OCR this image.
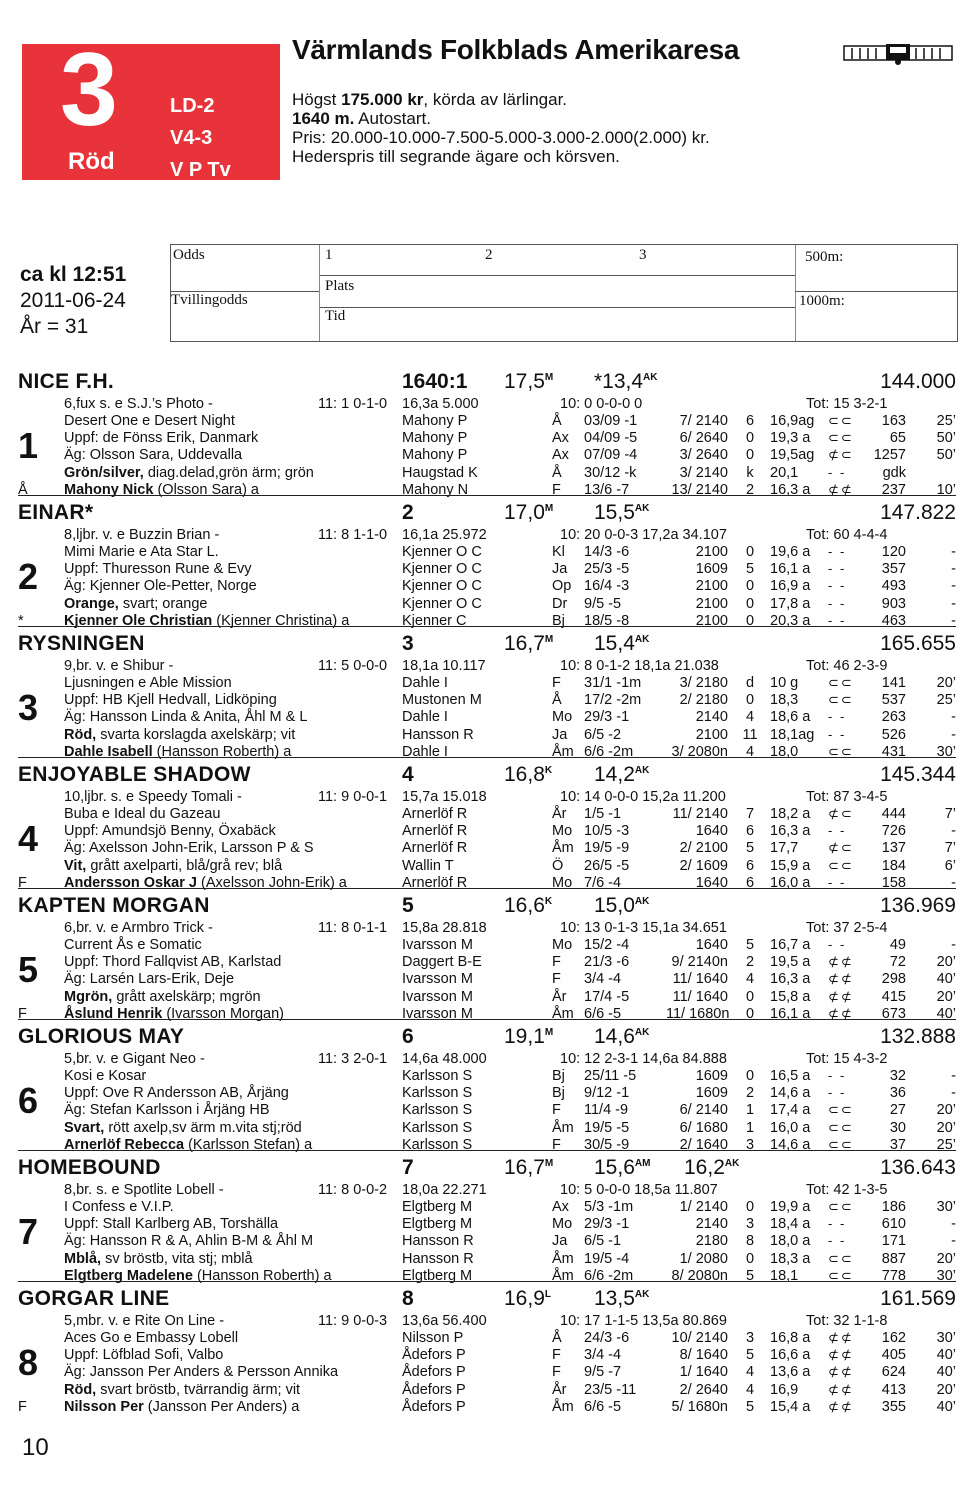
3
Röd
LD-2
V4-3
V P Tv
Värmlands Folkblads Amerikaresa
Högst 175.000 kr, körda av lärlingar.
1640 m. Autostart.
Pris: 20.000-10.000-7.500-5.000-3.000-2.000(2.000) kr.
Hederspris till segrande ägare och körsven.
ca kl 12:51
2011-06-24
År = 31
Odds
Tvillingodds
1	2	3
Plats
Tid
500m:
1000m:
NICE F.H.	1640:1 $17,5^M$ $*13,4^{AK}$	144.000
6,fux s. e S.J.’s Photo -	11: 1 0-1-0 16,3a 5.000	10: 0 0-0-0 0	Tot: 15 3-2-1
1
Å
Desert One e Desert Night	Mahony P	Å 03/09 -1	7/ 2140	6	16,9ag ⊂⊂	163	25’
Uppf: de Fönss Erik, Danmark	Mahony P	Ax 04/09 -5	6/ 2640	0	19,3 a ⊂⊂	65	50’
Äg: Olsson Sara, Uddevalla	Mahony P	Ax 07/09 -4	3/ 2640	0	19,5ag ⊄⊂	1257	50’
Grön/silver, diag.delad,grön ärm; grön	Haugstad K	Å 30/12 -k	3/ 2140	k	20,1 - -	gdk
Mahony Nick (Olsson Sara) a	Mahony N	F 13/6 -7	13/ 2140	2	16,3 a ⊄⊄	237	10’
EINAR*	2	$17,0^M$ $15,5^{AK}$	147.822
8,ljbr. v. e Buzzin Brian -	11: 8 1-1-0 16,1a 25.972	10: 20 0-0-3 17,2a 34.107	Tot: 60 4-4-4
2
*
Mimi Marie e Ata Star L.	Kjenner O C	Kl 14/3 -6	2100	0	19,6 a - -	120	-
Uppf: Thuresson Rune & Evy	Kjenner O C	Ja 25/3 -5	1609	5	16,1 a - -	357	-
Äg: Kjenner Ole-Petter, Norge	Kjenner O C	Op 16/4 -3	2100	0	16,9 a - -	493	-
Orange, svart; orange	Kjenner O C	Dr 9/5 -5	2100	0	17,8 a - -	903	-
Kjenner Ole Christian (Kjenner Christina) a	Kjenner C	Bj 18/5 -8	2100	0	20,3 a - -	463	-
RYSNINGEN	3	$16,7^M$ $15,4^{AK}$	165.655
9,br. v. e Shibur -	11: 5 0-0-0 18,1a 10.117	10: 8 0-1-2 18,1a 21.038	Tot: 46 2-3-9
3
Ljusningen e Able Mission	Dahle I	F 31/1 -1m	3/ 2180	d	10 g ⊂⊂	141	20’
Uppf: HB Kjell Hedvall, Lidköping	Mustonen M	Å 17/2 -2m	2/ 2180	0	18,3 ⊂⊂	537	25’
Äg: Hansson Linda & Anita, Åhl M & L	Dahle I	Mo 29/3 -1	2140	4	18,6 a - -	263	-
Röd, svarta korslagda axelskärp; vit	Hansson R	Ja 6/5 -2	2100 11 18,1ag - -	526	-
Dahle Isabell (Hansson Roberth) a	Dahle I	Åm 6/6 -2m	3/ 2080n	4	18,0 ⊂⊂	431	30’
ENJOYABLE SHADOW	4	$16,8^K$ $14,2^{AK}$	145.344
10,ljbr. s. e Speedy Tomali -	11: 9 0-0-1 15,7a 15.018	10: 14 0-0-0 15,2a 11.200	Tot: 87 3-4-5
4
F
Buba e Ideal du Gazeau	Arnerlöf R	År 1/5 -1	11/ 2140	7	18,2 a ⊄⊂	444	7’
Uppf: Amundsjö Benny, Öxabäck	Arnerlöf R	Mo 10/5 -3	1640	6	16,3 a - -	726	-
Äg: Axelsson John-Erik, Larsson P & S	Arnerlöf R	Åm 19/5 -9	2/ 2100	5	17,7 ⊄⊂	137	7’
Vit, grått axelparti, blå/grå rev; blå	Wallin T	Ö 26/5 -5	2/ 1609	6	15,9 a ⊂⊂	184	6’
Andersson Oskar J (Axelsson John-Erik) a	Arnerlöf R	Mo 7/6 -4	1640	6	16,0 a - -	158	-
KAPTEN MORGAN	5	$16,6^K$ $15,0^{AK}$	136.969
6,br. v. e Armbro Trick -	11: 8 0-1-1 15,8a 28.818	10: 13 0-1-3 15,1a 34.651	Tot: 37 2-5-4
5
F
Current Ås e Somatic	Ivarsson M	Mo 15/2 -4	1640	5	16,7 a - -	49	-
Uppf: Thord Fallqvist AB, Karlstad	Daggert B-E	F 21/3 -6	9/ 2140n	2	19,5 a ⊄⊄	72	20’
Äg: Larsén Lars-Erik, Deje	Ivarsson M	F 3/4 -4	11/ 1640	4	16,3 a ⊄⊄	298	40’
Mgrön, grått axelskärp; mgrön	Ivarsson M	År 17/4 -5	11/ 1640	0	15,8 a ⊄⊄	415	20’
Åslund Henrik (Ivarsson Morgan)	Ivarsson M	Åm 6/6 -5	11/ 1680n	0	16,1 a ⊄⊄	673	40’
GLORIOUS MAY	6	$19,1^M$ $14,6^{AK}$	132.888
5,br. v. e Gigant Neo -	11: 3 2-0-1 14,6a 48.000	10: 12 2-3-1 14,6a 84.888	Tot: 15 4-3-2
6
Kosi e Kosar	Karlsson S	Bj 25/11 -5	1609	0	16,5 a - -	32	-
Uppf: Ove R Andersson AB, Årjäng	Karlsson S	Bj 9/12 -1	1609	2	14,6 a - -	36	-
Äg: Stefan Karlsson i Årjäng HB	Karlsson S	F 11/4 -9	6/ 2140	1	17,4 a ⊂⊂	27	20’
Svart, rött axelp,sv ärm m.vita stj;röd	Karlsson S	Åm 19/5 -5	6/ 1680	1	16,0 a ⊂⊂	30	20’
Arnerlöf Rebecca (Karlsson Stefan) a	Karlsson S	F 30/5 -9	2/ 1640	3	14,6 a ⊂⊂	37	25’
HOMEBOUND	7	$16,7^M$ $15,6^{AM}$ $16,2^{AK}$	136.643
8,br. s. e Spotlite Lobell -	11: 8 0-0-2 18,0a 22.271	10: 5 0-0-0 18,5a 11.807	Tot: 42 1-3-5
7
I Confess e V.I.P.	Elgtberg M	Ax 5/3 -1m	1/ 2140	0	19,9 a ⊂⊂	186	30’
Uppf: Stall Karlberg AB, Torshälla	Elgtberg M	Mo 29/3 -1	2140	3	18,4 a - -	610	-
Äg: Hansson R & A, Ahlin B-M & Åhl M	Hansson R	Ja 6/5 -1	2180	8	18,0 a - -	171	-
Mblå, sv bröstb, vita stj; mblå	Hansson R	Åm 19/5 -4	1/ 2080	0	18,3 a ⊂⊂	887	20’
Elgtberg Madelene (Hansson Roberth) a	Elgtberg M	Åm 6/6 -2m	8/ 2080n	5	18,1 ⊂⊂	778	30’
GORGAR LINE	8	$16,9^L$ $13,5^{AK}$	161.569
5,mbr. v. e Rite On Line -	11: 9 0-0-3 13,6a 56.400	10: 17 1-1-5 13,5a 80.869	Tot: 32 1-1-8
8
F
Aces Go e Embassy Lobell	Nilsson P	Å 24/3 -6	10/ 2140	3	16,8 a ⊄⊄	162	30’
Uppf: Löfblad Sofi, Valbo	Ådefors P	F 3/4 -4	8/ 1640	5	16,6 a ⊄⊄	405	40’
Äg: Jansson Per Anders & Persson Annika	Ådefors P	F 9/5 -7	1/ 1640	4	13,6 a ⊄⊄	624	40’
Röd, svart bröstb, tvärrandig ärm; vit	Ådefors P	År 23/5 -11	2/ 2640	4	16,9 ⊄⊄	413	20’
Nilsson Per (Jansson Per Anders) a	Ådefors P	Åm 6/6 -5	5/ 1680n	5	15,4 a ⊄⊄	355	40’
10
